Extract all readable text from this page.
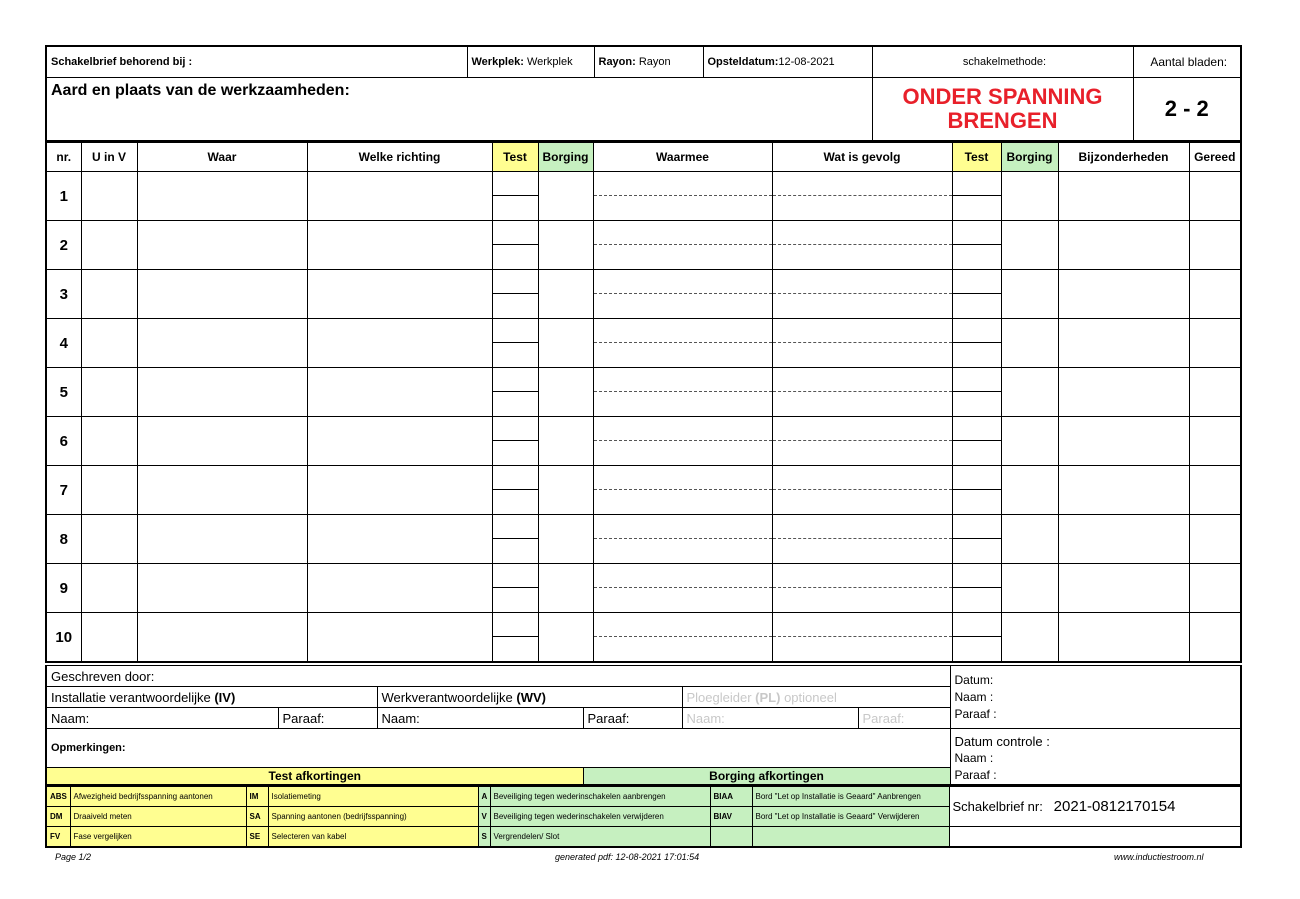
Schakelbrief behorend bij :	Werkplek: Werkplek	Rayon: Rayon	Opsteldatum:12-08-2021	schakelmethode:	Aantal bladen:
Aard en plaats van de werkzaamheden:				ONDER SPANNING BRENGEN	2 - 2
nr.	U in V	Waar	Welke richting	Test	Borging	Waarmee	Wat is gevolg	Test	Borging	Bijzonderheden	Gereed
1				

2				

3				

4				

5				

6				

7				

8				

9				

10				

Geschreven door:						Datum:
Naam :
Paraaf :

Installatie verantwoordelijke (IV)		Werkverantwoordelijke (WV)		Ploegleider (PL) optioneel		
Naam:	Paraaf:	Naam:	Paraaf:	Naam:	Paraaf:	
Opmerkingen:						Datum controle :
Naam :
Paraaf :

Test afkortingen			Borging afkortingen			
ABS	Afwezigheid bedrijfsspanning aantonen	IM	Isolatiemeting	A	Beveiliging tegen wederinschakelen aanbrengen	BIAA	Bord "Let op Installatie is Geaard" Aanbrengen	Schakelbrief nr: 2021-0812170154
DM	Draaiveld meten	SA	Spanning aantonen (bedrijfsspanning)	V	Beveiliging tegen wederinschakelen verwijderen	BIAV	Bord "Let op Installatie is Geaard" Verwijderen	
FV	Fase vergelijken	SE	Selecteren van kabel	S	Vergrendelen/ Slot			
Page 1/2	generated pdf: 12-08-2021 17:01:54	www.inductiestroom.nl
